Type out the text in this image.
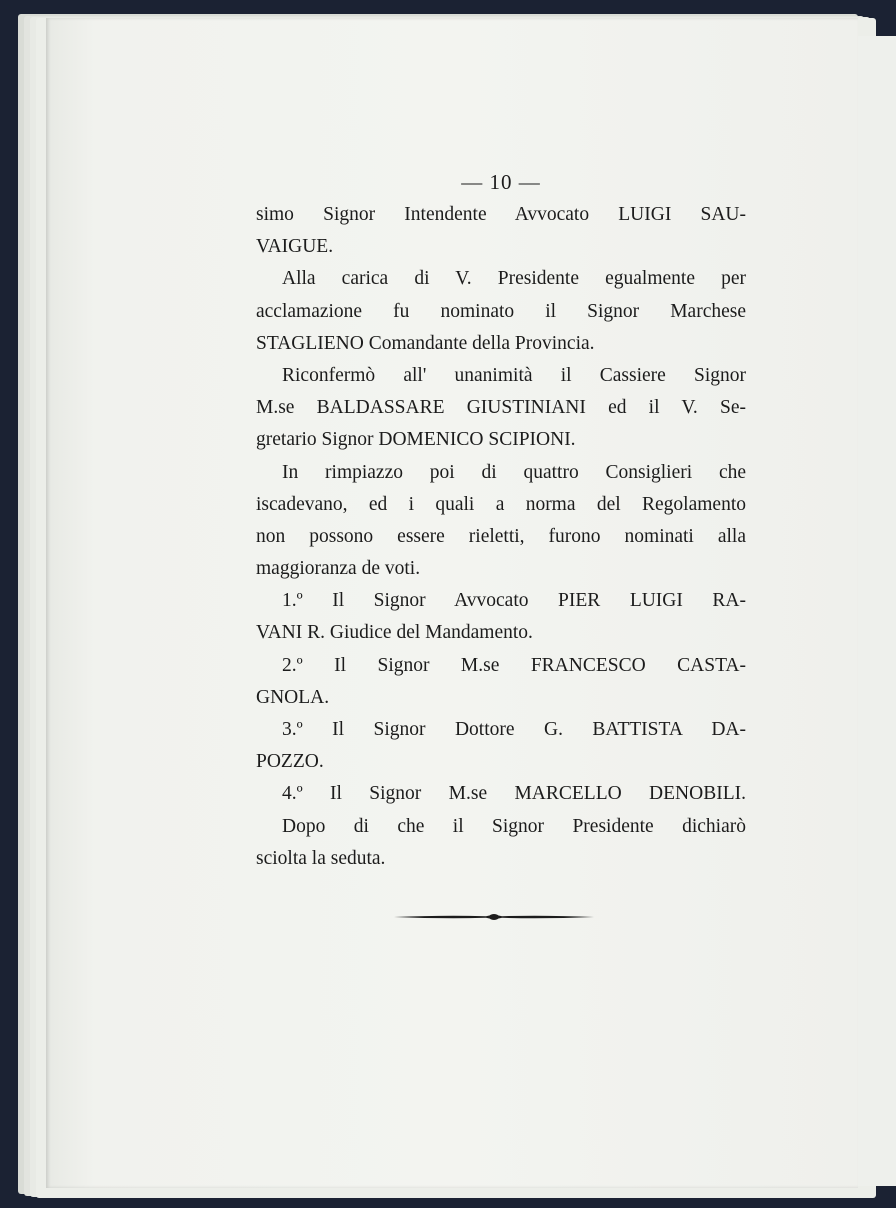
— 10 —
simo Signor Intendente Avvocato LUIGI SAU-
VAIGUE.
Alla carica di V. Presidente egualmente per
acclamazione fu nominato il Signor Marchese
STAGLIENO Comandante della Provincia.
Riconfermò all' unanimità il Cassiere Signor
M.se BALDASSARE GIUSTINIANI ed il V. Se-
gretario Signor DOMENICO SCIPIONI.
In rimpiazzo poi di quattro Consiglieri che
iscadevano, ed i quali a norma del Regolamento
non possono essere rieletti, furono nominati alla
maggioranza de voti.
1.º Il Signor Avvocato PIER LUIGI RA-
VANI R. Giudice del Mandamento.
2.º Il Signor M.se FRANCESCO CASTA-
GNOLA.
3.º Il Signor Dottore G. BATTISTA DA-
POZZO.
4.º Il Signor M.se MARCELLO DENOBILI.
Dopo di che il Signor Presidente dichiarò
sciolta la seduta.
